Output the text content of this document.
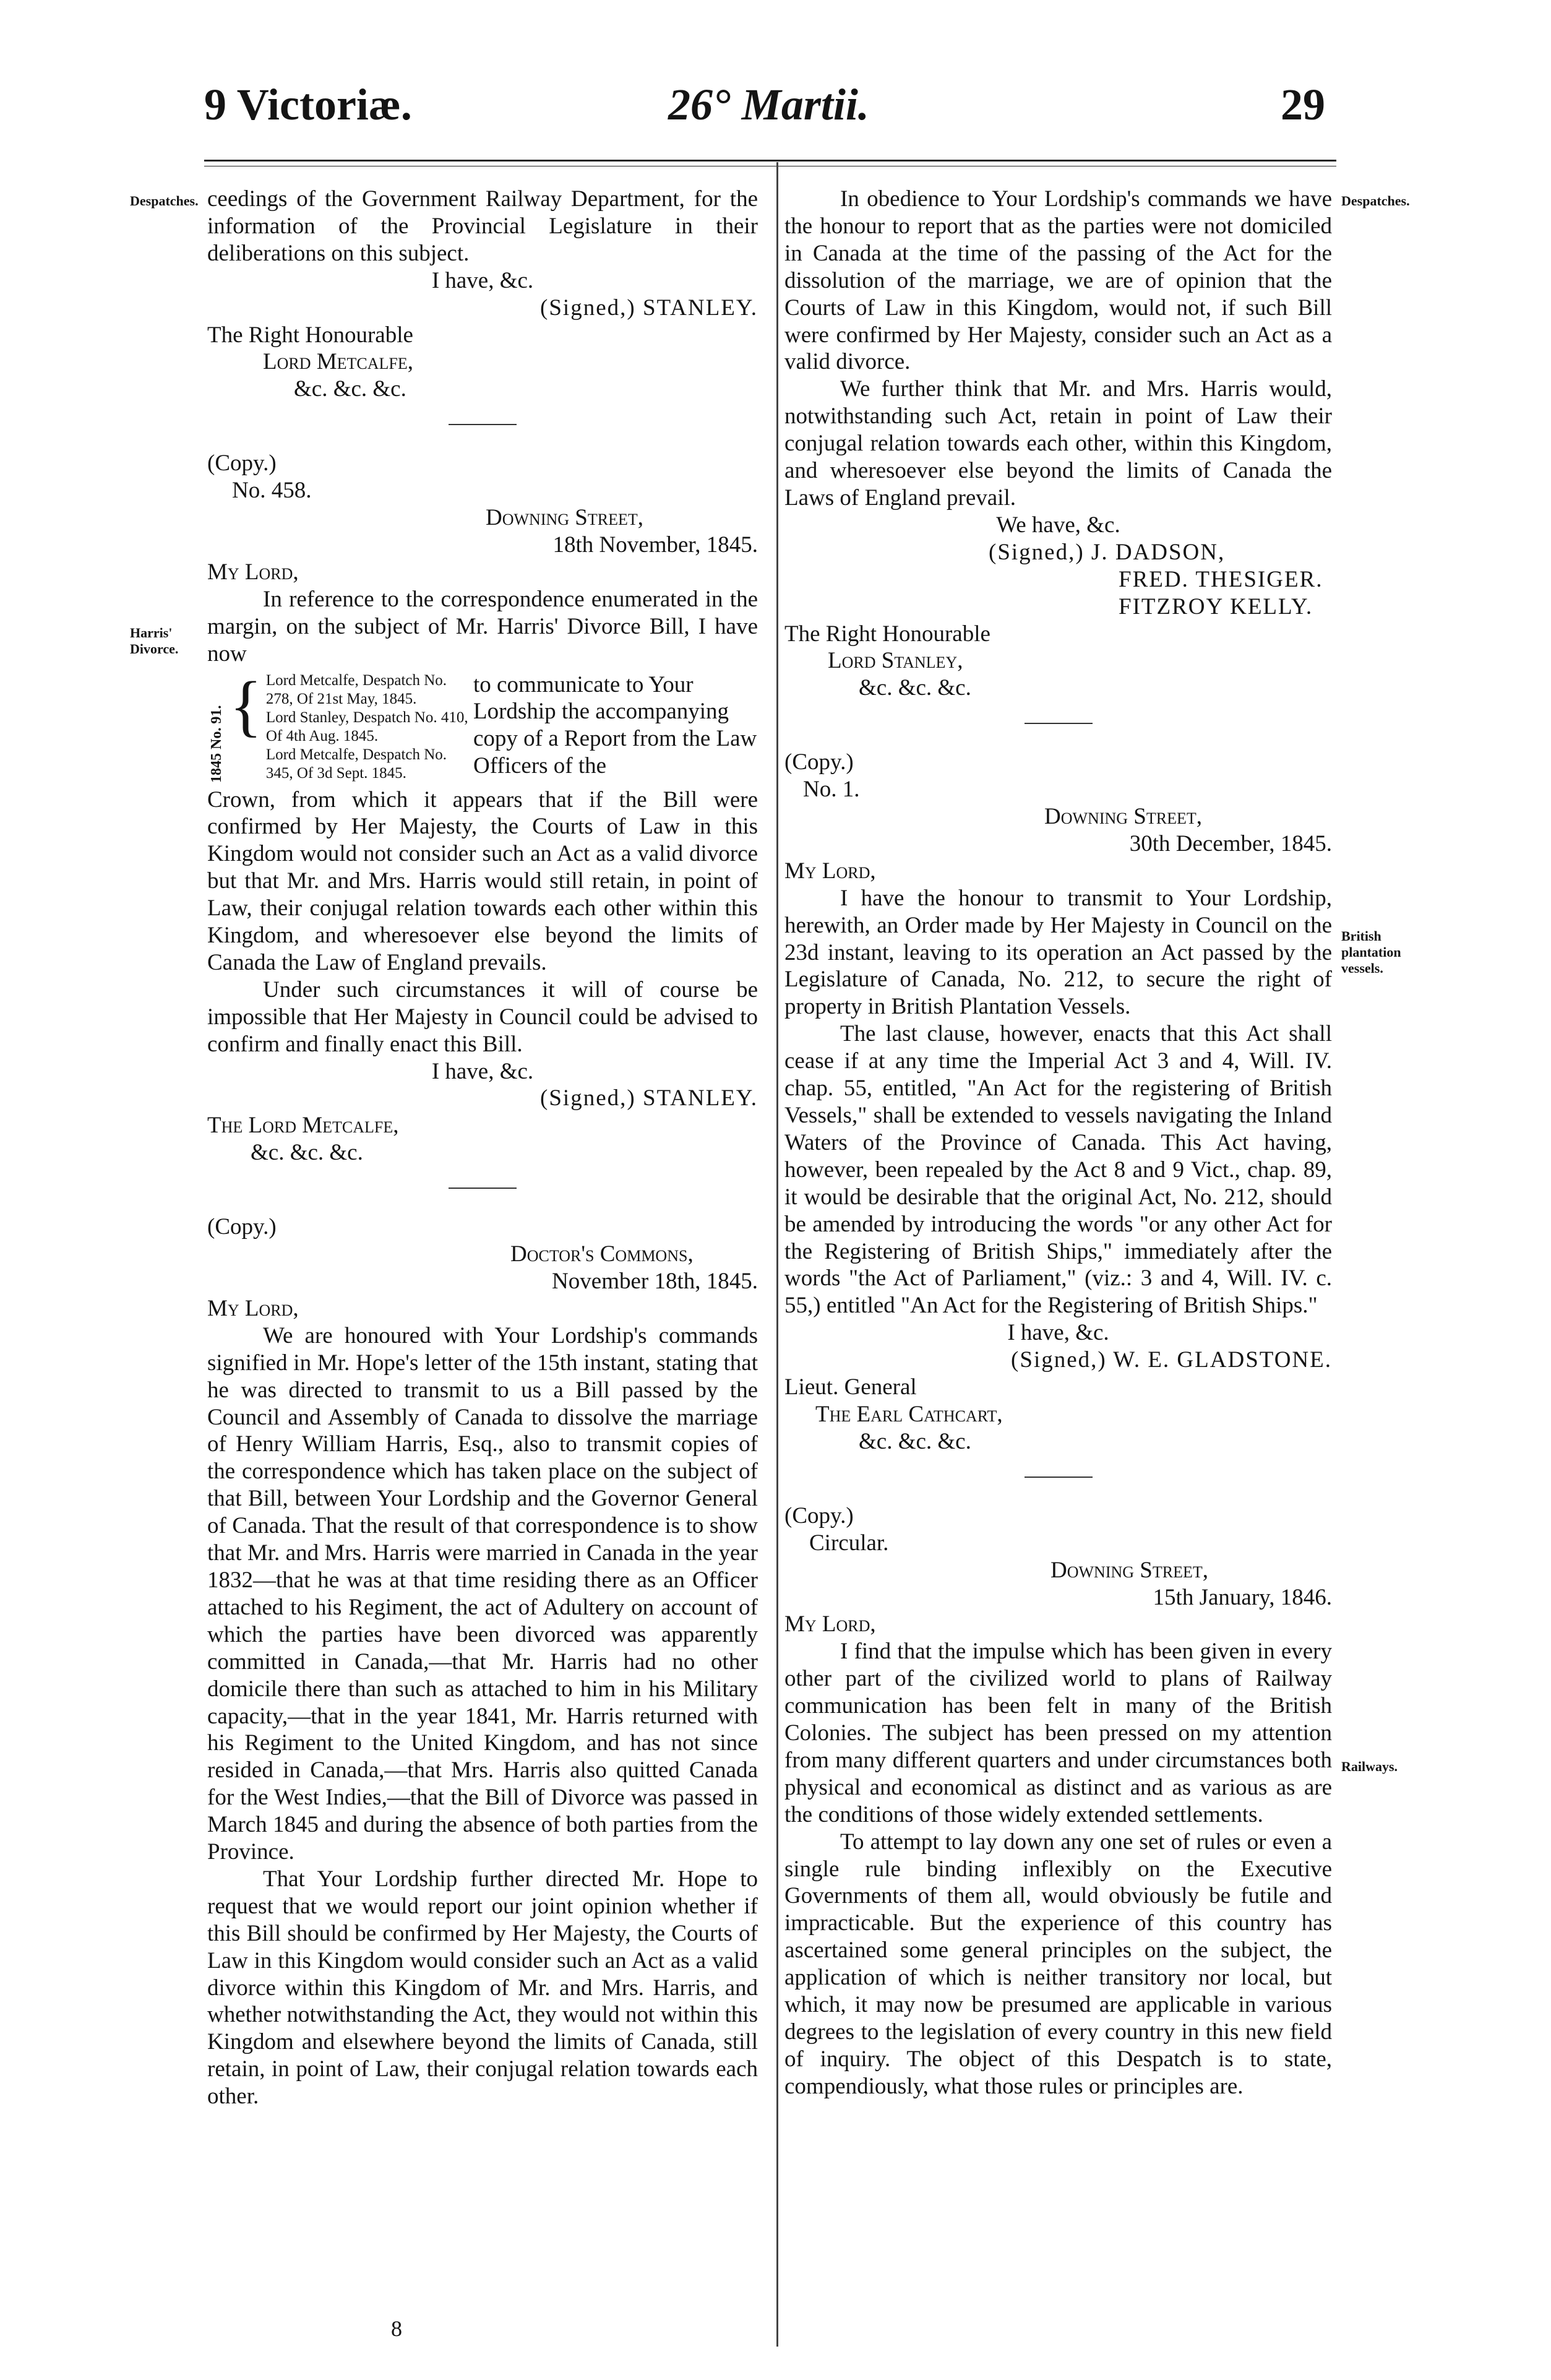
9 Victoriæ.	26° Martii.	29
Despatches.
Harris' Divorce.
Despatches.
British plantation vessels.
Railways.

ceedings of the Government Railway Department, for the information of the Provincial Legislature in their deliberations on this subject.

I have, &c.

(Signed,) STANLEY.

The Right Honourable

Lord Metcalfe,

&c. &c. &c.

(Copy.)

No. 458.

Downing Street,

18th November, 1845.

My Lord,

In reference to the correspondence enumerated in the margin, on the subject of Mr. Harris' Divorce Bill, I have now

1845 No. 91. { Lord Metcalfe, Despatch No. 278, Of 21st May, 1845.
Lord Stanley, Despatch No. 410, Of 4th Aug. 1845.
Lord Metcalfe, Despatch No. 345, Of 3d Sept. 1845.
to communicate to Your Lordship the accompanying copy of a Report from the Law Officers of the

Crown, from which it appears that if the Bill were confirmed by Her Majesty, the Courts of Law in this Kingdom would not consider such an Act as a valid divorce but that Mr. and Mrs. Harris would still retain, in point of Law, their conjugal relation towards each other within this Kingdom, and wheresoever else beyond the limits of Canada the Law of England prevails.

Under such circumstances it will of course be impossible that Her Majesty in Council could be advised to confirm and finally enact this Bill.

I have, &c.

(Signed,) STANLEY.

The Lord Metcalfe,

&c. &c. &c.

(Copy.)

Doctor's Commons,

November 18th, 1845.

My Lord,

We are honoured with Your Lordship's commands signified in Mr. Hope's letter of the 15th instant, stating that he was directed to transmit to us a Bill passed by the Council and Assembly of Canada to dissolve the marriage of Henry William Harris, Esq., also to transmit copies of the correspondence which has taken place on the subject of that Bill, between Your Lordship and the Governor General of Canada. That the result of that correspondence is to show that Mr. and Mrs. Harris were married in Canada in the year 1832—that he was at that time residing there as an Officer attached to his Regiment, the act of Adultery on account of which the parties have been divorced was apparently committed in Canada,—that Mr. Harris had no other domicile there than such as attached to him in his Military capacity,—that in the year 1841, Mr. Harris returned with his Regiment to the United Kingdom, and has not since resided in Canada,—that Mrs. Harris also quitted Canada for the West Indies,—that the Bill of Divorce was passed in March 1845 and during the absence of both parties from the Province.

That Your Lordship further directed Mr. Hope to request that we would report our joint opinion whether if this Bill should be confirmed by Her Majesty, the Courts of Law in this Kingdom would consider such an Act as a valid divorce within this Kingdom of Mr. and Mrs. Harris, and whether notwithstanding the Act, they would not within this Kingdom and elsewhere beyond the limits of Canada, still retain, in point of Law, their conjugal relation towards each other.

8

In obedience to Your Lordship's commands we have the honour to report that as the parties were not domiciled in Canada at the time of the passing of the Act for the dissolution of the marriage, we are of opinion that the Courts of Law in this Kingdom, would not, if such Bill were confirmed by Her Majesty, consider such an Act as a valid divorce.

We further think that Mr. and Mrs. Harris would, notwithstanding such Act, retain in point of Law their conjugal relation towards each other, within this Kingdom, and wheresoever else beyond the limits of Canada the Laws of England prevail.

We have, &c.

(Signed,) J. DADSON,

FRED. THESIGER.

FITZROY KELLY.

The Right Honourable

Lord Stanley,

&c. &c. &c.

(Copy.)

No. 1.

Downing Street,

30th December, 1845.

My Lord,

I have the honour to transmit to Your Lordship, herewith, an Order made by Her Majesty in Council on the 23d instant, leaving to its operation an Act passed by the Legislature of Canada, No. 212, to secure the right of property in British Plantation Vessels.

The last clause, however, enacts that this Act shall cease if at any time the Imperial Act 3 and 4, Will. IV. chap. 55, entitled, "An Act for the registering of British Vessels," shall be extended to vessels navigating the Inland Waters of the Province of Canada. This Act having, however, been repealed by the Act 8 and 9 Vict., chap. 89, it would be desirable that the original Act, No. 212, should be amended by introducing the words "or any other Act for the Registering of British Ships," immediately after the words "the Act of Parliament," (viz.: 3 and 4, Will. IV. c. 55,) entitled "An Act for the Registering of British Ships."

I have, &c.

(Signed,) W. E. GLADSTONE.

Lieut. General

The Earl Cathcart,

&c. &c. &c.

(Copy.)

Circular.

Downing Street,

15th January, 1846.

My Lord,

I find that the impulse which has been given in every other part of the civilized world to plans of Railway communication has been felt in many of the British Colonies. The subject has been pressed on my attention from many different quarters and under circumstances both physical and economical as distinct and as various as are the conditions of those widely extended settlements.

To attempt to lay down any one set of rules or even a single rule binding inflexibly on the Executive Governments of them all, would obviously be futile and impracticable. But the experience of this country has ascertained some general principles on the subject, the application of which is neither transitory nor local, but which, it may now be presumed are applicable in various degrees to the legislation of every country in this new field of inquiry. The object of this Despatch is to state, compendiously, what those rules or principles are.
